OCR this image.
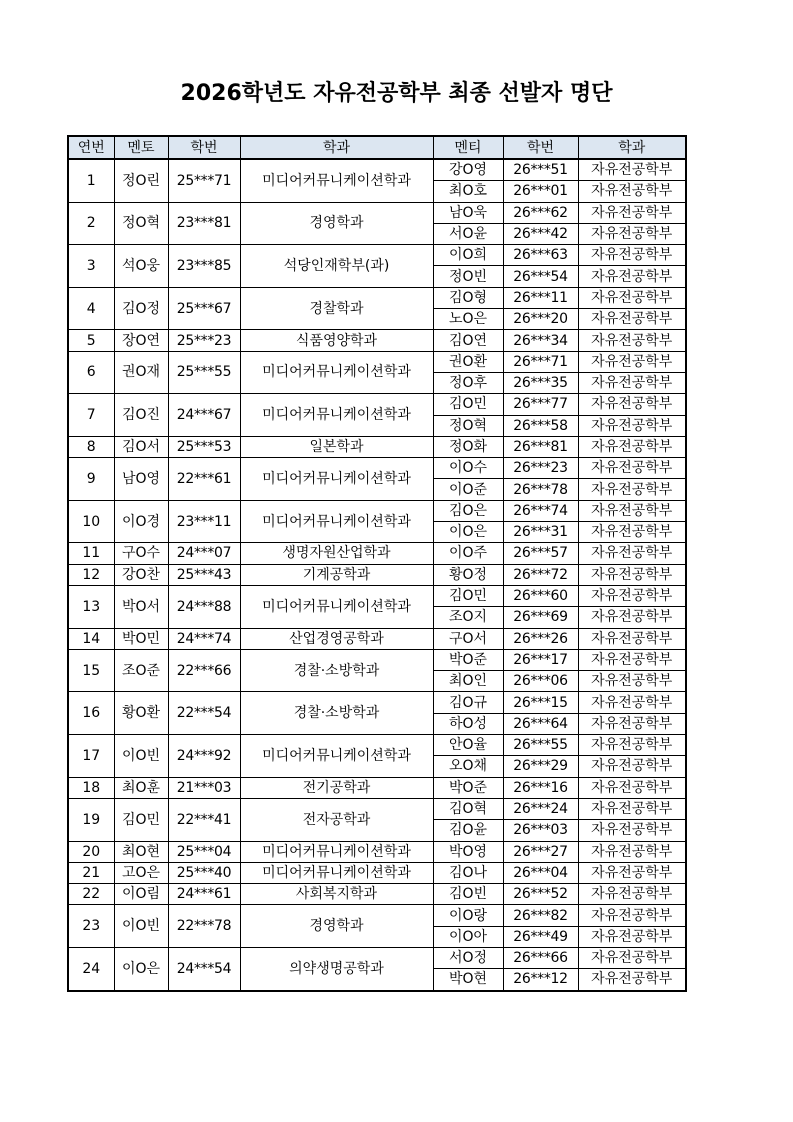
2026학년도 자유전공학부 최종 선발자 명단
연번	멘토	학번	학과	멘티	학번	학과
1	정O린	25***71	미디어커뮤니케이션학과	강O영	26***51	자유전공학부
				최O호	26***01	자유전공학부
2	정O혁	23***81	경영학과	남O욱	26***62	자유전공학부
				서O윤	26***42	자유전공학부
3	석O웅	23***85	석당인재학부(과)	이O희	26***63	자유전공학부
				정O빈	26***54	자유전공학부
4	김O정	25***67	경찰학과	김O형	26***11	자유전공학부
				노O은	26***20	자유전공학부
5	장O연	25***23	식품영양학과	김O연	26***34	자유전공학부
6	권O재	25***55	미디어커뮤니케이션학과	권O환	26***71	자유전공학부
				정O후	26***35	자유전공학부
7	김O진	24***67	미디어커뮤니케이션학과	김O민	26***77	자유전공학부
				정O혁	26***58	자유전공학부
8	김O서	25***53	일본학과	정O화	26***81	자유전공학부
9	남O영	22***61	미디어커뮤니케이션학과	이O수	26***23	자유전공학부
				이O준	26***78	자유전공학부
10	이O경	23***11	미디어커뮤니케이션학과	김O은	26***74	자유전공학부
				이O은	26***31	자유전공학부
11	구O수	24***07	생명자원산업학과	이O주	26***57	자유전공학부
12	강O찬	25***43	기계공학과	황O정	26***72	자유전공학부
13	박O서	24***88	미디어커뮤니케이션학과	김O민	26***60	자유전공학부
				조O지	26***69	자유전공학부
14	박O민	24***74	산업경영공학과	구O서	26***26	자유전공학부
15	조O준	22***66	경찰·소방학과	박O준	26***17	자유전공학부
				최O인	26***06	자유전공학부
16	황O환	22***54	경찰·소방학과	김O규	26***15	자유전공학부
				하O성	26***64	자유전공학부
17	이O빈	24***92	미디어커뮤니케이션학과	안O율	26***55	자유전공학부
				오O채	26***29	자유전공학부
18	최O훈	21***03	전기공학과	박O준	26***16	자유전공학부
19	김O민	22***41	전자공학과	김O혁	26***24	자유전공학부
				김O윤	26***03	자유전공학부
20	최O현	25***04	미디어커뮤니케이션학과	박O영	26***27	자유전공학부
21	고O은	25***40	미디어커뮤니케이션학과	김O나	26***04	자유전공학부
22	이O림	24***61	사회복지학과	김O빈	26***52	자유전공학부
23	이O빈	22***78	경영학과	이O랑	26***82	자유전공학부
				이O아	26***49	자유전공학부
24	이O은	24***54	의약생명공학과	서O정	26***66	자유전공학부
				박O현	26***12	자유전공학부
